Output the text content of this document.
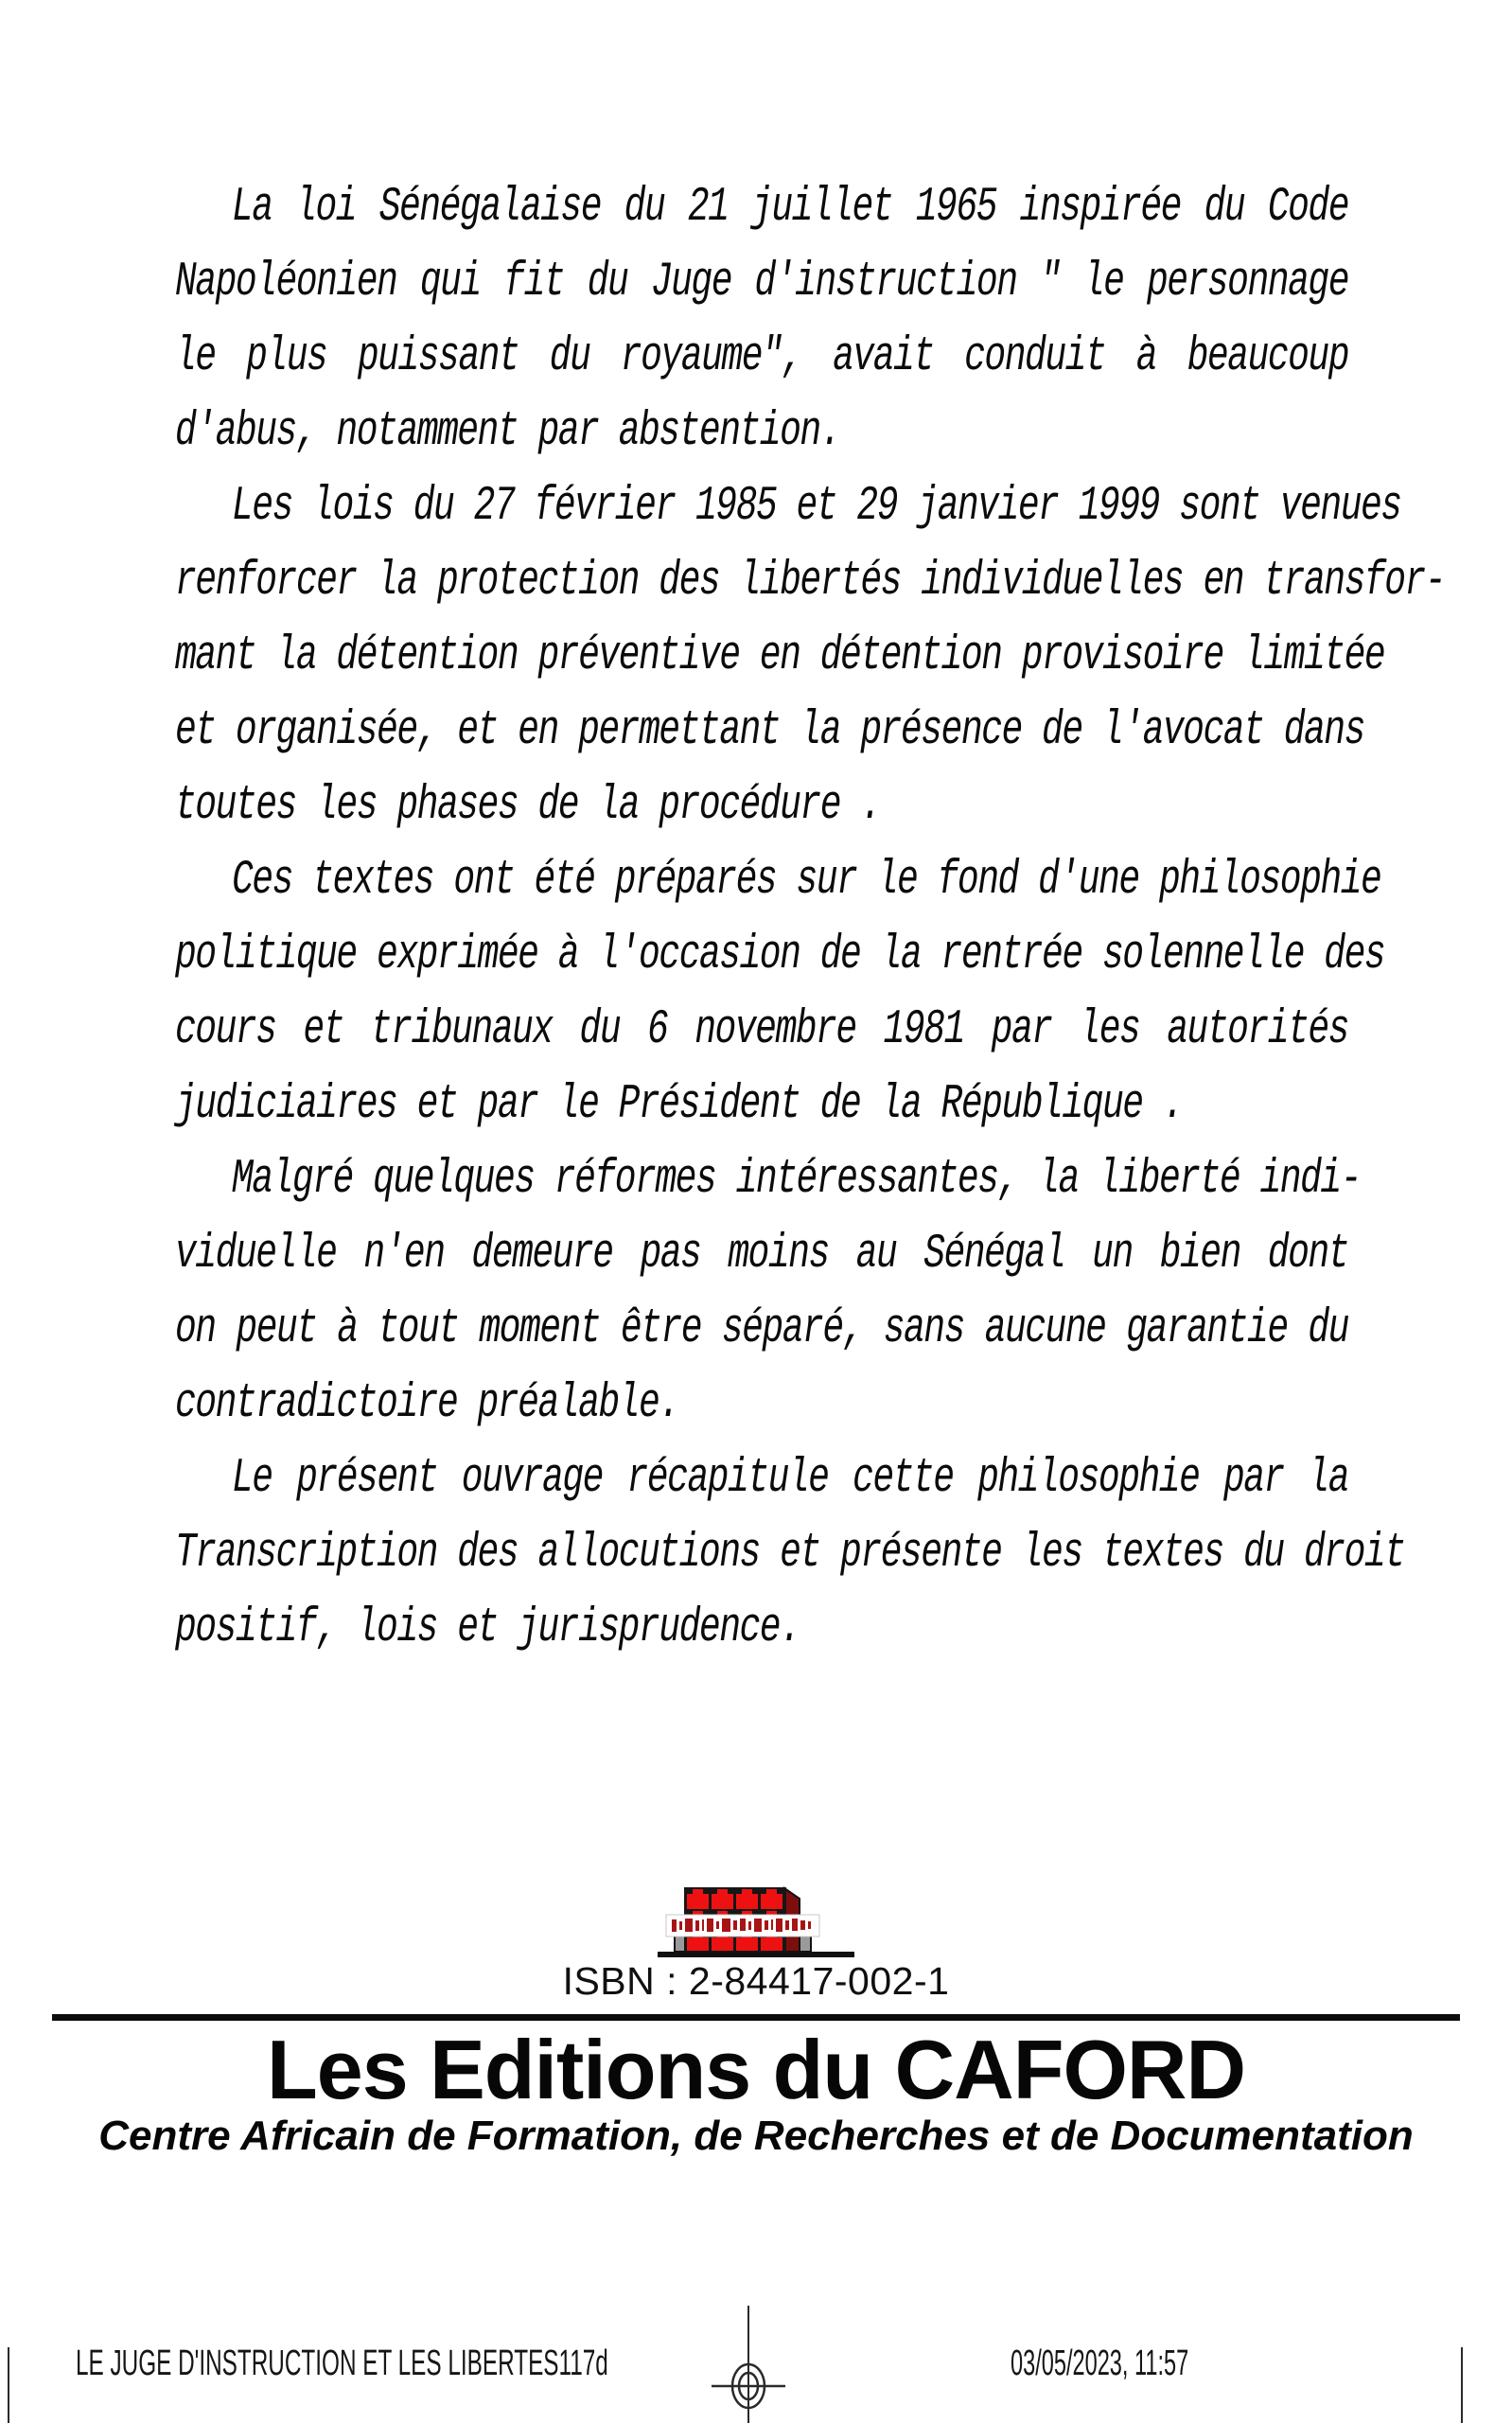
La loi Sénégalaise du 21 juillet 1965 inspirée du Code
Napoléonien qui fit du Juge d'instruction " le personnage
le plus puissant du royaume", avait conduit à beaucoup
d'abus, notamment par abstention.
Les lois du 27 février 1985 et 29 janvier 1999 sont venues
renforcer la protection des libertés individuelles en transfor-
mant la détention préventive en détention provisoire limitée
et organisée, et en permettant la présence de l'avocat dans
toutes les phases de la procédure .
Ces textes ont été préparés sur le fond d'une philosophie
politique exprimée à l'occasion de la rentrée solennelle des
cours et tribunaux du 6 novembre 1981 par les autorités
judiciaires et par le Président de la République .
Malgré quelques réformes intéressantes, la liberté indi-
viduelle n'en demeure pas moins au Sénégal un bien dont
on peut à tout moment être séparé, sans aucune garantie du
contradictoire préalable.
Le présent ouvrage récapitule cette philosophie par la
Transcription des allocutions et présente les textes du droit
positif, lois et jurisprudence.
ISBN : 2-84417-002-1
Les Editions du CAFORD
Centre Africain de Formation, de Recherches et de Documentation
LE JUGE D'INSTRUCTION ET LES LIBERTES117d	03/05/2023, 11:57
